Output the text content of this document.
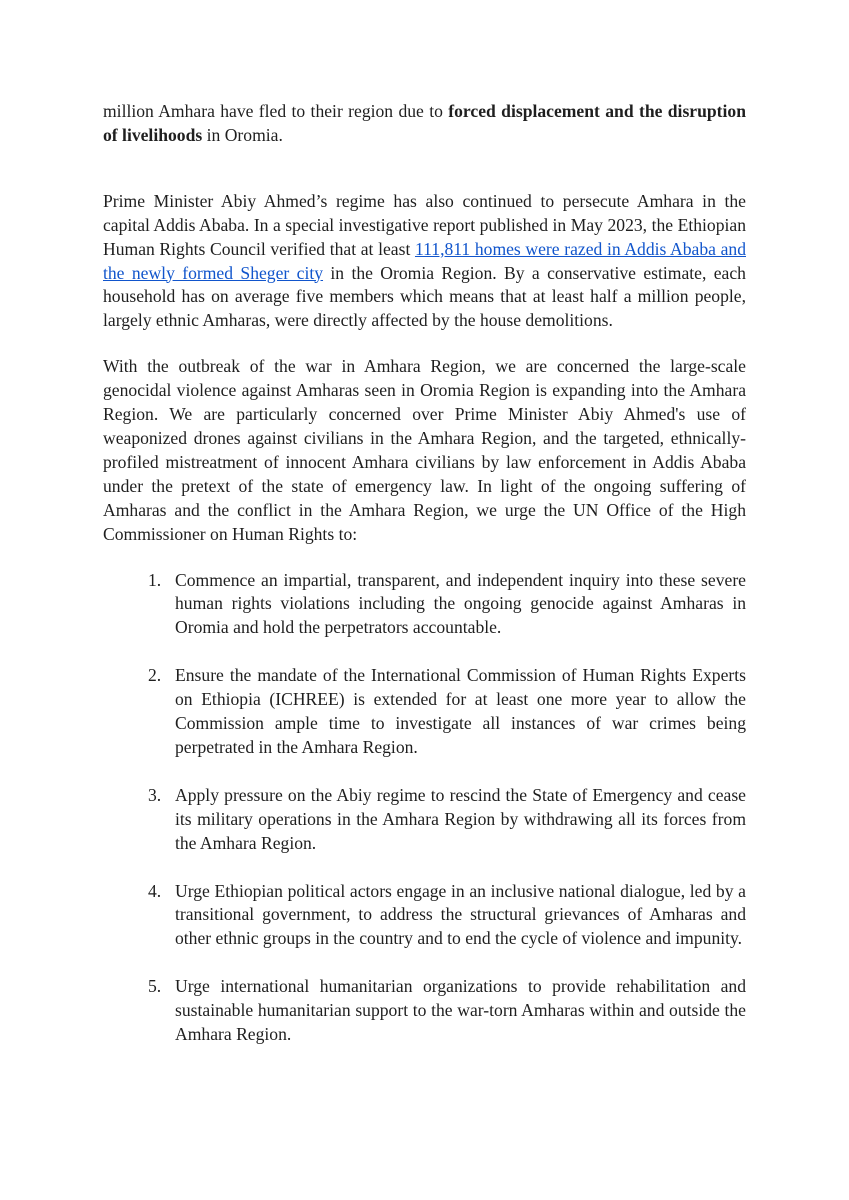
million Amhara have fled to their region due to forced displacement and the disruption of livelihoods in Oromia.

Prime Minister Abiy Ahmed’s regime has also continued to persecute Amhara in the capital Addis Ababa. In a special investigative report published in May 2023, the Ethiopian Human Rights Council verified that at least 111,811 homes were razed in Addis Ababa and the newly formed Sheger city in the Oromia Region. By a conservative estimate, each household has on average five members which means that at least half a million people, largely ethnic Amharas, were directly affected by the house demolitions.

With the outbreak of the war in Amhara Region, we are concerned the large-scale genocidal violence against Amharas seen in Oromia Region is expanding into the Amhara Region. We are particularly concerned over Prime Minister Abiy Ahmed's use of weaponized drones against civilians in the Amhara Region, and the targeted, ethnically-profiled mistreatment of innocent Amhara civilians by law enforcement in Addis Ababa under the pretext of the state of emergency law. In light of the ongoing suffering of Amharas and the conflict in the Amhara Region, we urge the UN Office of the High Commissioner on Human Rights to:

1. Commence an impartial, transparent, and independent inquiry into these severe human rights violations including the ongoing genocide against Amharas in Oromia and hold the perpetrators accountable.
2. Ensure the mandate of the International Commission of Human Rights Experts on Ethiopia (ICHREE) is extended for at least one more year to allow the Commission ample time to investigate all instances of war crimes being perpetrated in the Amhara Region.
3. Apply pressure on the Abiy regime to rescind the State of Emergency and cease its military operations in the Amhara Region by withdrawing all its forces from the Amhara Region.
4. Urge Ethiopian political actors engage in an inclusive national dialogue, led by a transitional government, to address the structural grievances of Amharas and other ethnic groups in the country and to end the cycle of violence and impunity.
5. Urge international humanitarian organizations to provide rehabilitation and sustainable humanitarian support to the war-torn Amharas within and outside the Amhara Region.
